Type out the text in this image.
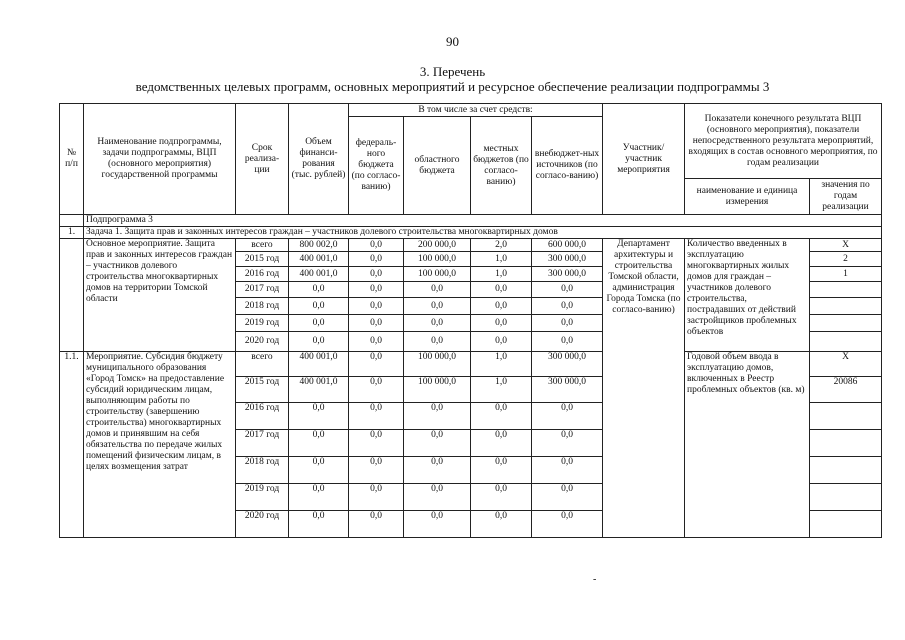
90
3. Перечень
ведомственных целевых программ, основных мероприятий и ресурсное обеспечение реализации подпрограммы 3
№ п/п	Наименование подпрограммы, задачи подпрограммы, ВЦП (основного мероприятия) государственной программы	Срок реализа-ции	Объем финанси-рования (тыс. рублей)	В том числе за счет средств:				Участник/ участник мероприятия	Показатели конечного результата ВЦП (основного мероприятия), показатели непосредственного результата мероприятий, входящих в состав основного мероприятия, по годам реализации	
				федераль-ного бюджета (по согласо-ванию)	областного бюджета	местных бюджетов (по согласо-ванию)	внебюджет-ных источников (по согласо-ванию)			
									наименование и единица измерения	значения по годам реализации
	Подпрограмма 3									
1.	Задача 1. Защита прав и законных интересов граждан – участников долевого строительства многоквартирных домов									
	Основное мероприятие. Защита прав и законных интересов граждан – участников долевого строительства многоквартирных домов на территории Томской области	всего	800 002,0	0,0	200 000,0	2,0	600 000,0	Департамент архитектуры и строительства Томской области, администрация Города Томска (по согласо-ванию)	Количество введенных в эксплуатацию многоквартирных жилых домов для граждан – участников долевого строительства, пострадавших от действий застройщиков проблемных объектов	X
		2015 год	400 001,0	0,0	100 000,0	1,0	300 000,0			2
		2016 год	400 001,0	0,0	100 000,0	1,0	300 000,0			1
		2017 год	0,0	0,0	0,0	0,0	0,0			
		2018 год	0,0	0,0	0,0	0,0	0,0			
		2019 год	0,0	0,0	0,0	0,0	0,0			
		2020 год	0,0	0,0	0,0	0,0	0,0			
1.1.	Мероприятие. Субсидия бюджету муниципального образования «Город Томск» на предоставление субсидий юридическим лицам, выполняющим работы по строительству (завершению строительства) многоквартирных домов и принявшим на себя обязательства по передаче жилых помещений физическим лицам, в целях возмещения затрат	всего	400 001,0	0,0	100 000,0	1,0	300 000,0		Годовой объем ввода в эксплуатацию домов, включенных в Реестр проблемных объектов (кв. м)	X
		2015 год	400 001,0	0,0	100 000,0	1,0	300 000,0			20086
		2016 год	0,0	0,0	0,0	0,0	0,0			
		2017 год	0,0	0,0	0,0	0,0	0,0			
		2018 год	0,0	0,0	0,0	0,0	0,0			
		2019 год	0,0	0,0	0,0	0,0	0,0			
		2020 год	0,0	0,0	0,0	0,0	0,0			
-
